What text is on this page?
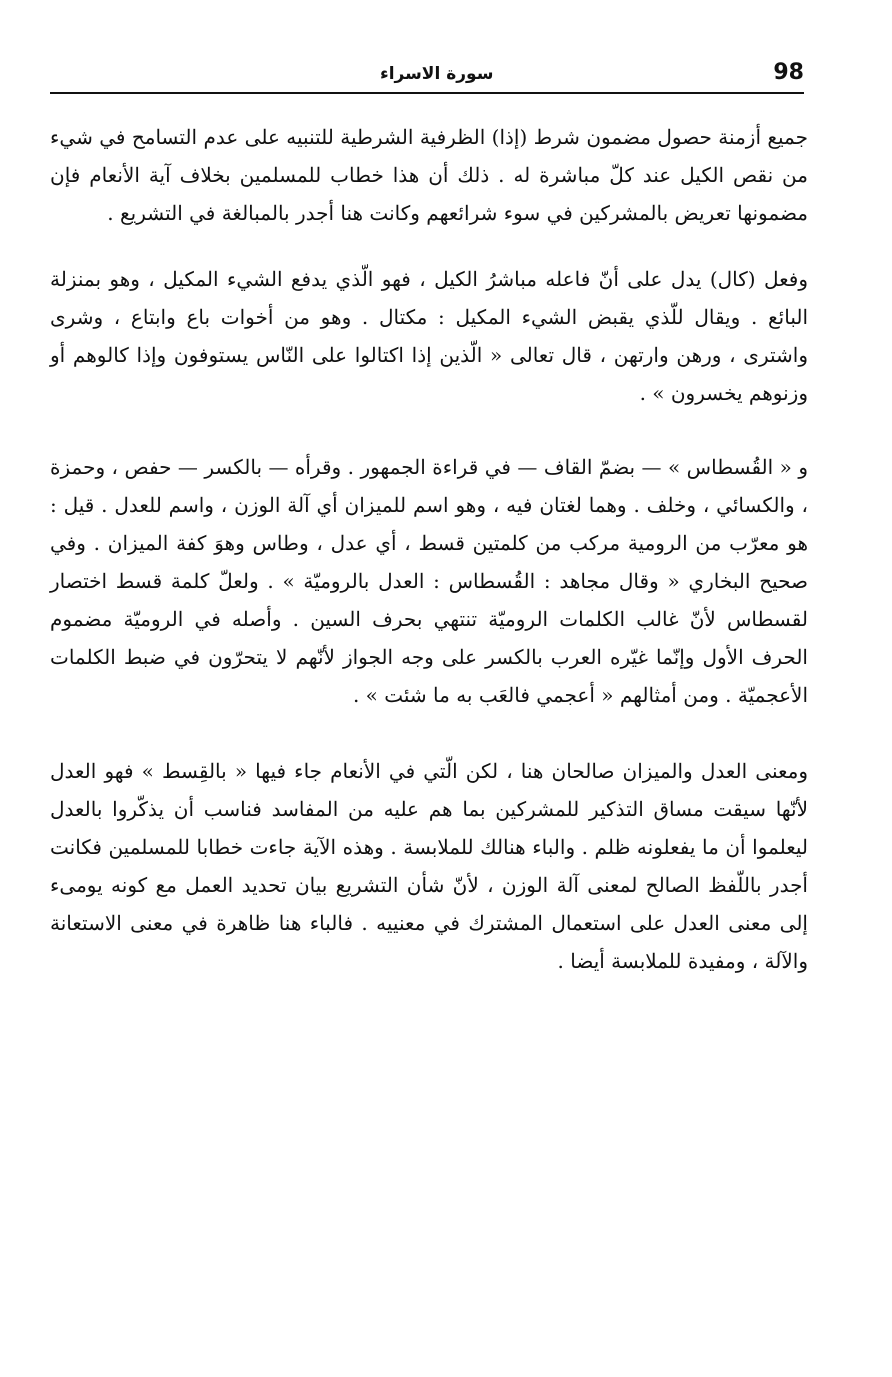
سورة الاسراء	98

جميع أزمنة حصول مضمون شرط (إذا) الظرفية الشرطية للتنبيه على عدم التسامح في شيء من نقص الكيل عند كلّ مباشرة له . ذلك أن هذا خطاب للمسلمين بخلاف آية الأنعام فإن مضمونها تعريض بالمشركين في سوء شرائعهم وكانت هنا أجدر بالمبالغة في التشريع .

وفعل (كال) يدل على أنّ فاعله مباشرُ الكيل ، فهو الّذي يدفع الشيء المكيل ، وهو بمنزلة البائع . ويقال للّذي يقبض الشيء المكيل : مكتال . وهو من أخوات باع وابتاع ، وشرى واشترى ، ورهن وارتهن ، قال تعالى « الّذين إذا اكتالوا على النّاس يستوفون وإذا كالوهم أو وزنوهم يخسرون » .

و « القُسطاس » — بضمّ القاف — في قراءة الجمهور . وقرأه — بالكسر — حفص ، وحمزة ، والكسائي ، وخلف . وهما لغتان فيه ، وهو اسم للميزان أي آلة الوزن ، واسم للعدل . قيل : هو معرّب من الرومية مركب من كلمتين قسط ، أي عدل ، وطاس وهوَ كفة الميزان . وفي صحيح البخاري « وقال مجاهد : القُسطاس : العدل بالروميّة » . ولعلّ كلمة قسط اختصار لقسطاس لأنّ غالب الكلمات الروميّة تنتهي بحرف السين . وأصله في الروميّة مضموم الحرف الأول وإنّما غيّره العرب بالكسر على وجه الجواز لأنّهم لا يتحرّون في ضبط الكلمات الأعجميّة . ومن أمثالهم « أعجمي فالعَب به ما شئت » .

ومعنى العدل والميزان صالحان هنا ، لكن الّتي في الأنعام جاء فيها « بالقِسط » فهو العدل لأنّها سيقت مساق التذكير للمشركين بما هم عليه من المفاسد فناسب أن يذكّروا بالعدل ليعلموا أن ما يفعلونه ظلم . والباء هنالك للملابسة . وهذه الآية جاءت خطابا للمسلمين فكانت أجدر باللّفظ الصالح لمعنى آلة الوزن ، لأنّ شأن التشريع بيان تحديد العمل مع كونه يومىء إلى معنى العدل على استعمال المشترك في معنييه . فالباء هنا ظاهرة في معنى الاستعانة والآلة ، ومفيدة للملابسة أيضا .
